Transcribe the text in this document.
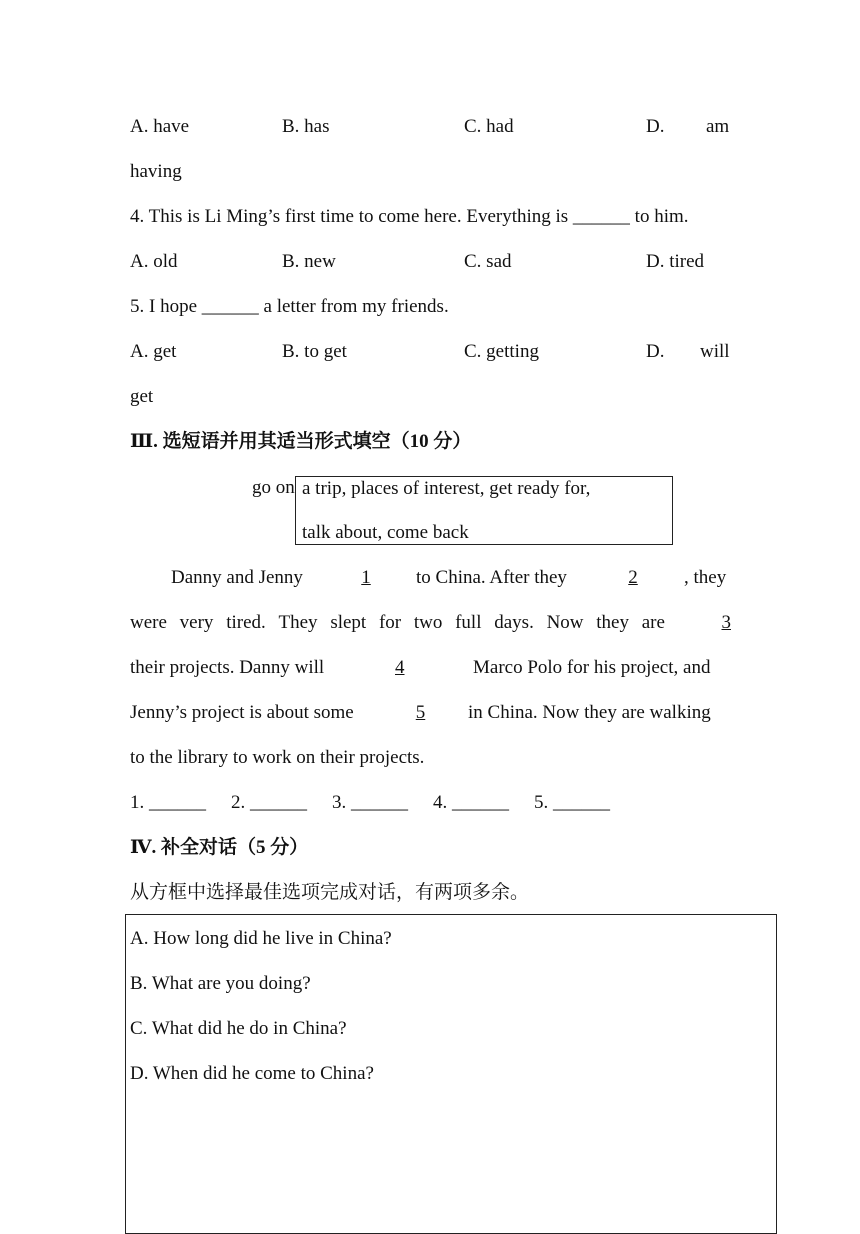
A. have	B. has	C. had	D. am
having
4. This is Li Ming’s first time to come here. Everything is ______ to him.
A. old	B. new	C. sad	D. tired
5. I hope ______ a letter from my friends.
A. get	B. to get	C. getting	D. will
get
Ⅲ. 选短语并用其适当形式填空（10 分）
go on a trip, places of interest, get ready for,
talk about, come back
Danny and Jenny	1	to China. After they	2	, they
were very tired. They slept for two full days. Now they are	3
their projects. Danny will	4	Marco Polo for his project, and
Jenny’s project is about some	5	in China. Now they are walking
to the library to work on their projects.
1. ______ 2. ______ 3. ______ 4. ______ 5. ______
Ⅳ. 补全对话（5 分）
从方框中选择最佳选项完成对话，有两项多余。
A. How long did he live in China?
B. What are you doing?
C. What did he do in China?
D. When did he come to China?
